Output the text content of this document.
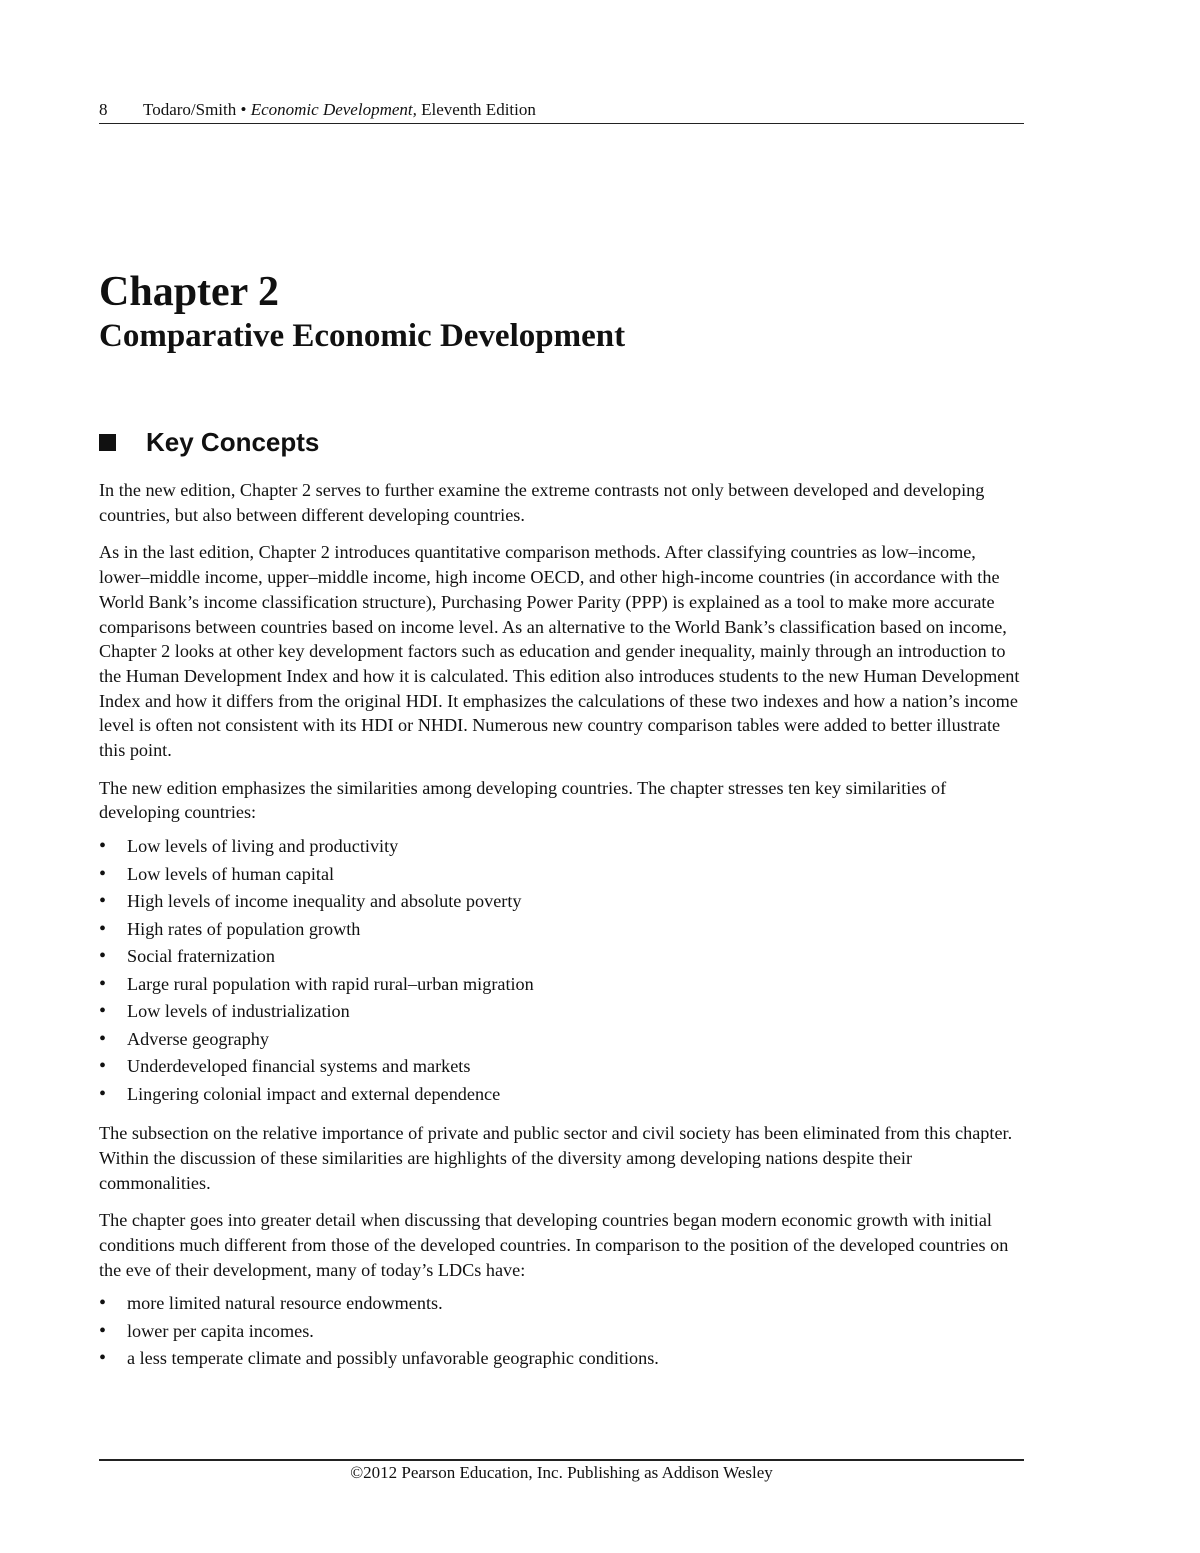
8 Todaro/Smith • Economic Development, Eleventh Edition
Chapter 2
Comparative Economic Development
Key Concepts

In the new edition, Chapter 2 serves to further examine the extreme contrasts not only between developed and developing countries, but also between different developing countries.

As in the last edition, Chapter 2 introduces quantitative comparison methods. After classifying countries as low–income, lower–middle income, upper–middle income, high income OECD, and other high-income countries (in accordance with the World Bank’s income classification structure), Purchasing Power Parity (PPP) is explained as a tool to make more accurate comparisons between countries based on income level. As an alternative to the World Bank’s classification based on income, Chapter 2 looks at other key development factors such as education and gender inequality, mainly through an introduction to the Human Development Index and how it is calculated. This edition also introduces students to the new Human Development Index and how it differs from the original HDI. It emphasizes the calculations of these two indexes and how a nation’s income level is often not consistent with its HDI or NHDI. Numerous new country comparison tables were added to better illustrate this point.

The new edition emphasizes the similarities among developing countries. The chapter stresses ten key similarities of developing countries:

• Low levels of living and productivity
• Low levels of human capital
• High levels of income inequality and absolute poverty
• High rates of population growth
• Social fraternization
• Large rural population with rapid rural–urban migration
• Low levels of industrialization
• Adverse geography
• Underdeveloped financial systems and markets
• Lingering colonial impact and external dependence

The subsection on the relative importance of private and public sector and civil society has been eliminated from this chapter. Within the discussion of these similarities are highlights of the diversity among developing nations despite their commonalities.

The chapter goes into greater detail when discussing that developing countries began modern economic growth with initial conditions much different from those of the developed countries. In comparison to the position of the developed countries on the eve of their development, many of today’s LDCs have:

• more limited natural resource endowments.
• lower per capita incomes.
• a less temperate climate and possibly unfavorable geographic conditions.
©2012 Pearson Education, Inc. Publishing as Addison Wesley
